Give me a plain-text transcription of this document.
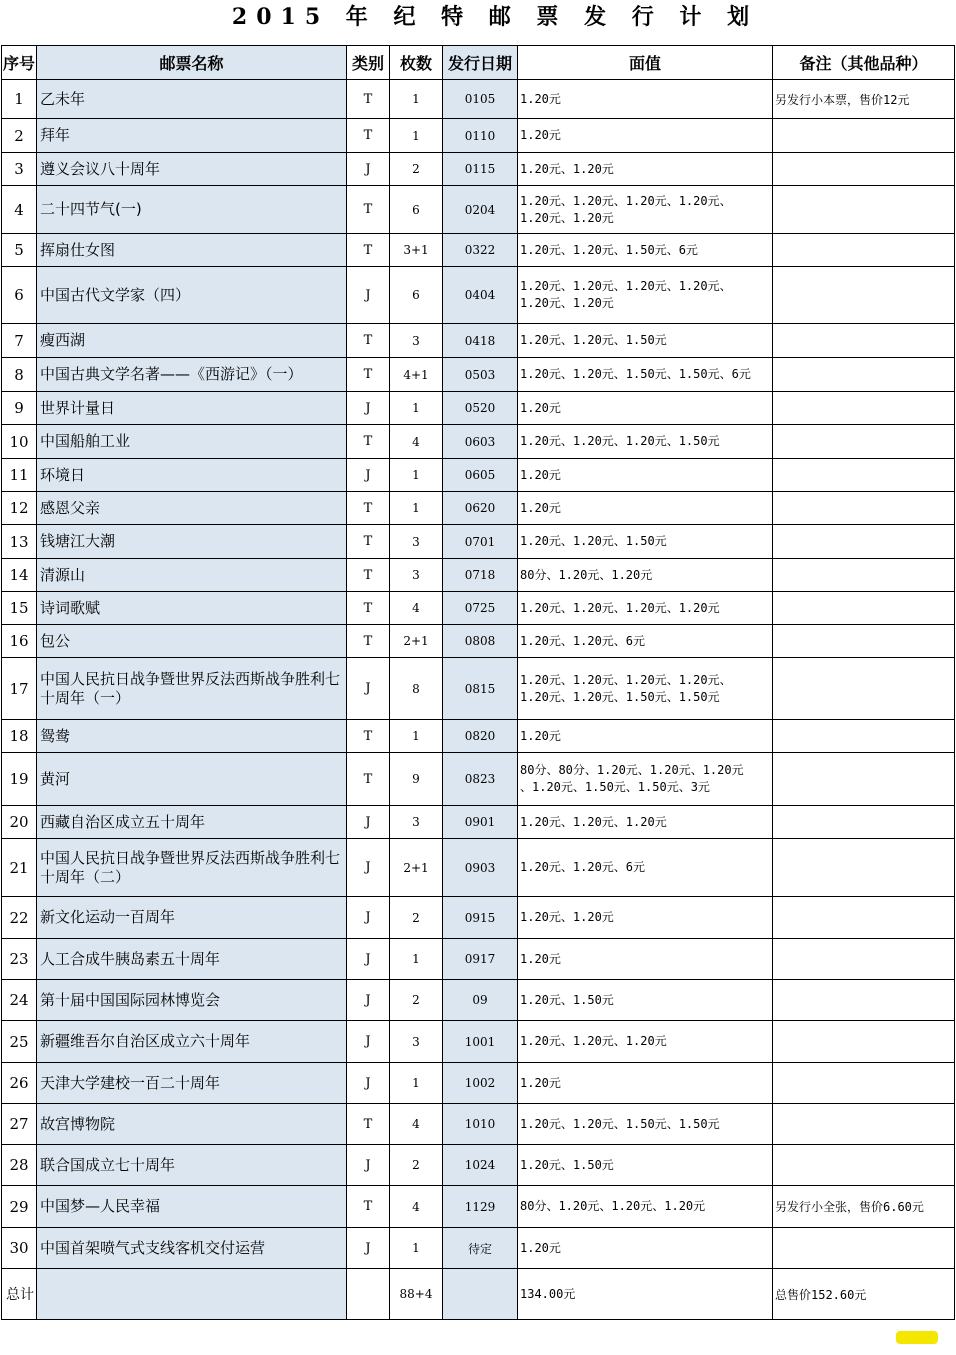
2015 年 纪 特 邮 票 发 行 计 划
序号	邮票名称	类别	枚数	发行日期	面值	备注（其他品种）
1	乙未年	T	1	0105	1.20元	另发行小本票，售价12元
2	拜年	T	1	0110	1.20元	
3	遵义会议八十周年	J	2	0115	1.20元、1.20元	
4	二十四节气(一)	T	6	0204	1.20元、1.20元、1.20元、1.20元、
1.20元、1.20元	
5	挥扇仕女图	T	3+1	0322	1.20元、1.20元、1.50元、6元	
6	中国古代文学家（四）	J	6	0404	1.20元、1.20元、1.20元、1.20元、
1.20元、1.20元	
7	瘦西湖	T	3	0418	1.20元、1.20元、1.50元	
8	中国古典文学名著——《西游记》（一）	T	4+1	0503	1.20元、1.20元、1.50元、1.50元、6元	
9	世界计量日	J	1	0520	1.20元	
10	中国船舶工业	T	4	0603	1.20元、1.20元、1.20元、1.50元	
11	环境日	J	1	0605	1.20元	
12	感恩父亲	T	1	0620	1.20元	
13	钱塘江大潮	T	3	0701	1.20元、1.20元、1.50元	
14	清源山	T	3	0718	80分、1.20元、1.20元	
15	诗词歌赋	T	4	0725	1.20元、1.20元、1.20元、1.20元	
16	包公	T	2+1	0808	1.20元、1.20元、6元	
17	中国人民抗日战争暨世界反法西斯战争胜利七十周年（一）	J	8	0815	1.20元、1.20元、1.20元、1.20元、
1.20元、1.20元、1.50元、1.50元	
18	鸳鸯	T	1	0820	1.20元	
19	黄河	T	9	0823	80分、80分、1.20元、1.20元、1.20元
、1.20元、1.50元、1.50元、3元	
20	西藏自治区成立五十周年	J	3	0901	1.20元、1.20元、1.20元	
21	中国人民抗日战争暨世界反法西斯战争胜利七十周年（二）	J	2+1	0903	1.20元、1.20元、6元	
22	新文化运动一百周年	J	2	0915	1.20元、1.20元	
23	人工合成牛胰岛素五十周年	J	1	0917	1.20元	
24	第十届中国国际园林博览会	J	2	09	1.20元、1.50元	
25	新疆维吾尔自治区成立六十周年	J	3	1001	1.20元、1.20元、1.20元	
26	天津大学建校一百二十周年	J	1	1002	1.20元	
27	故宫博物院	T	4	1010	1.20元、1.20元、1.50元、1.50元	
28	联合国成立七十周年	J	2	1024	1.20元、1.50元	
29	中国梦—人民幸福	T	4	1129	80分、1.20元、1.20元、1.20元	另发行小全张，售价6.60元
30	中国首架喷气式支线客机交付运营	J	1	待定	1.20元	
总计			88+4		134.00元	总售价152.60元
